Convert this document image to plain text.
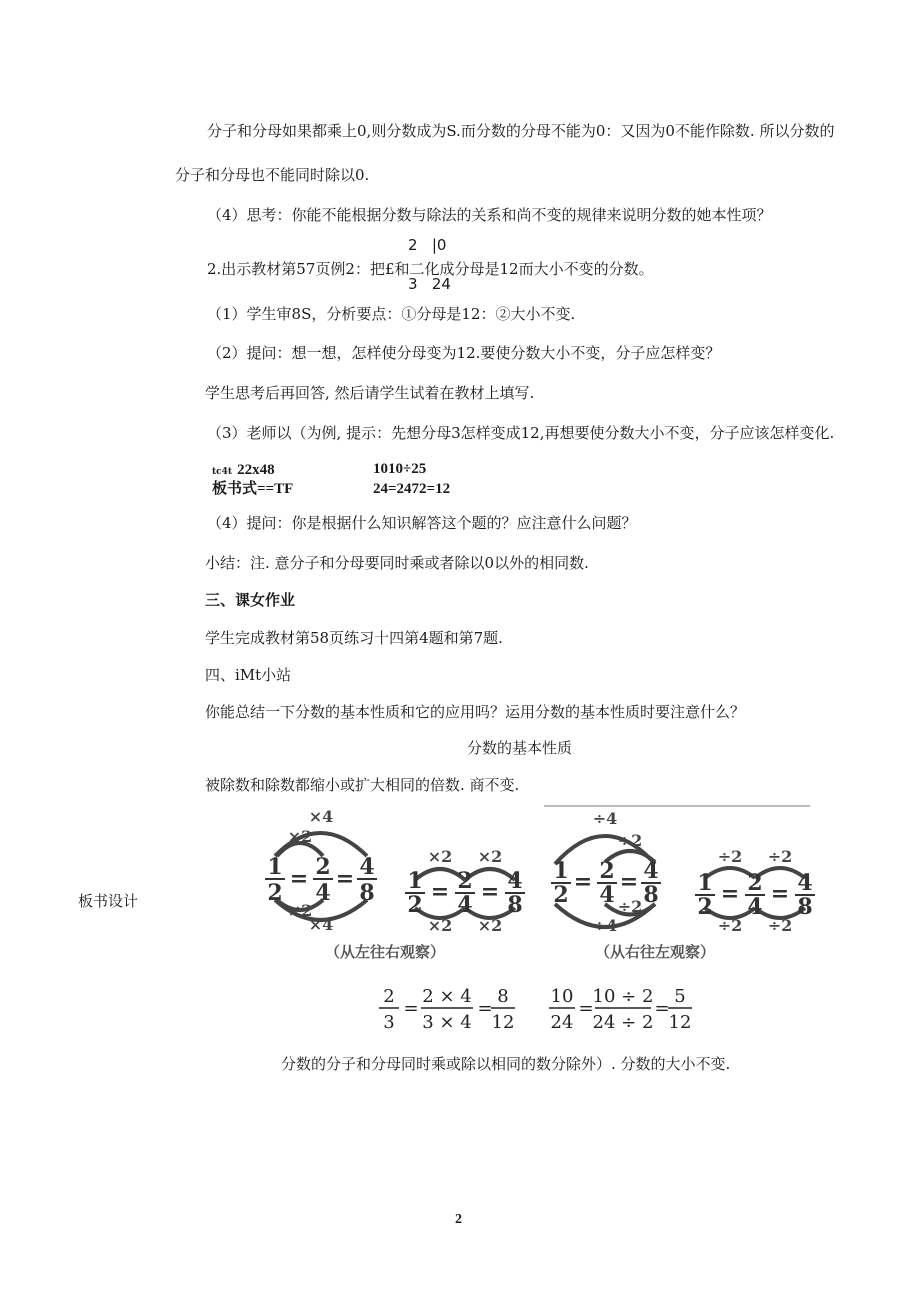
分子和分母如果都乘上0,则分数成为S.而分数的分母不能为0：又因为0不能作除数. 所以分数的
分子和分母也不能同时除以0.
（4）思考：你能不能根据分数与除法的关系和尚不变的规律来说明分数的她本性项？
2   |0
2.出示教材第57页例2：把£和二化成分母是12而大小不变的分数。
3   24
（1）学生审8S，分析要点：①分母是12：②大小不变.
（2）提问：想一想，怎样使分母变为12.要使分数大小不变，分子应怎样变？
学生思考后再回答, 然后请学生试着在教材上填写.
（3）老师以（为例, 提示：先想分母3怎样变成12,再想要使分数大小不变，分子应该怎样变化.
tc4t 22x48	1010÷25
板书式==TF	24=2472=12
（4）提问：你是根据什么知识解答这个题的？应注意什么问题？
小结：注. 意分子和分母要同时乘或者除以0以外的相同数.
三、课女作业
学生完成教材第58页练习十四第4题和第7题.
四、iMt小站
你能总结一下分数的基本性质和它的应用吗？运用分数的基本性质时要注意什么？
分数的基本性质
被除数和除数都缩小或扩大相同的倍数. 商不变.
板书设计
×4
×2
×2
×4
×2 ×2
×2 ×2
÷4
÷2
÷2
÷4
÷2 ÷2
÷2 ÷2
1
2
= 2
4
= 4
8 1
2 = 2
4 = 4
8
1
2 = 2
4 = 4
8 1
2 = 2
4 = 4
8
（从左往右观察）	（从右往左观察）
2
3
=
2 × 4
3 × 4
=
8
12
10
24
=
10 ÷ 2
24 ÷ 2
=
5
12
分数的分子和分母同时乘或除以相同的数分除外）. 分数的大小不变.
2
